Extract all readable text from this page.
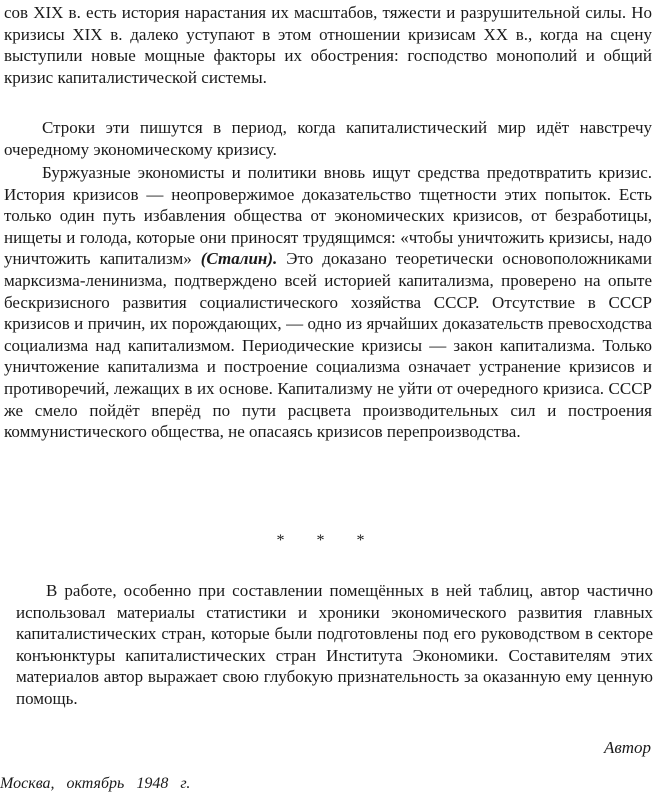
сов XIX в. есть история нарастания их масштабов, тяжести и разрушительной силы. Но кризисы XIX в. далеко уступают в этом отношении кризисам XX в., когда на сцену выступили новые мощные факторы их обострения: господство монополий и общий кризис капиталистической системы.

Строки эти пишутся в период, когда капиталистический мир идёт навстречу очередному экономическому кризису.

Буржуазные экономисты и политики вновь ищут средства предотвратить кризис. История кризисов — неопровержимое доказательство тщетности этих попыток. Есть только один путь избавления общества от экономических кризисов, от безработицы, нищеты и голода, которые они приносят трудящимся: «чтобы уничтожить кризисы, надо уничтожить капитализм» (Сталин). Это доказано теоретически основоположниками марксизма-ленинизма, подтверждено всей историей капитализма, проверено на опыте бескризисного развития социалистического хозяйства СССР. Отсутствие в СССР кризисов и причин, их порождающих, — одно из ярчайших доказательств превосходства социализма над капитализмом. Периодические кризисы — закон капитализма. Только уничтожение капитализма и построение социализма означает устранение кризисов и противоречий, лежащих в их основе. Капитализму не уйти от очередного кризиса. СССР же смело пойдёт вперёд по пути расцвета производительных сил и построения коммунистического общества, не опасаясь кризисов перепроизводства.

* * *

В работе, особенно при составлении помещённых в ней таблиц, автор частично использовал материалы статистики и хроники экономического развития главных капиталистических стран, которые были подготовлены под его руководством в секторе конъюнктуры капиталистических стран Института Экономики. Составителям этих материалов автор выражает свою глубокую признательность за оказанную ему ценную помощь.

Автор
Москва, октябрь 1948 г.
